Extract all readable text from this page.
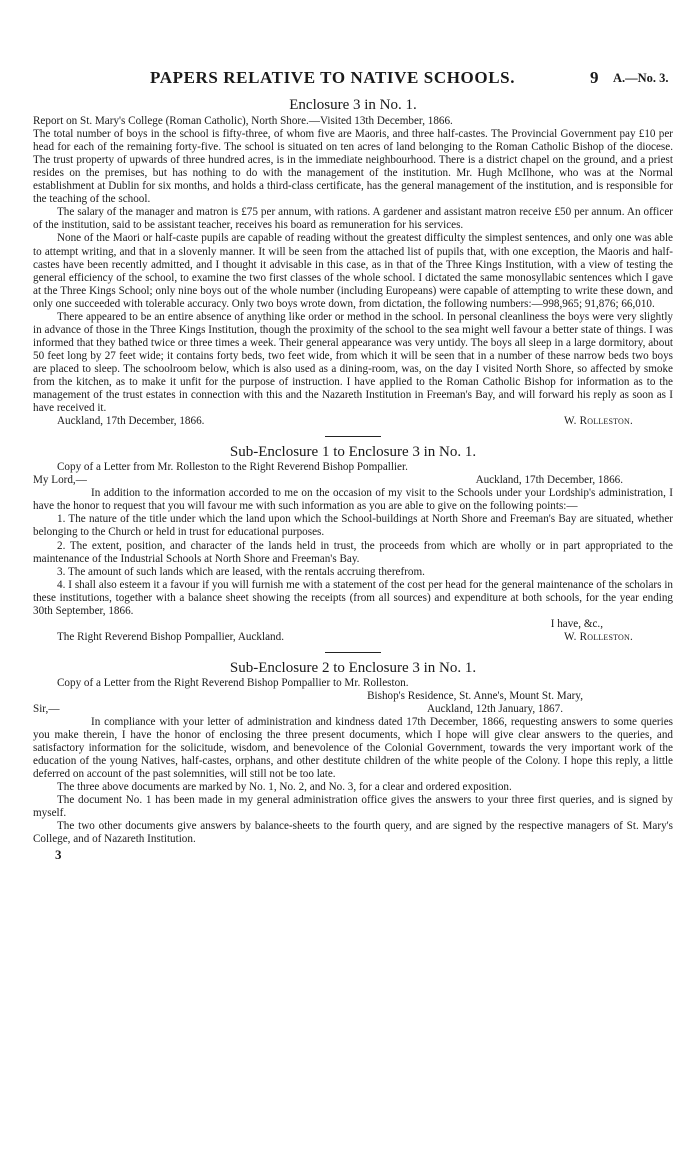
PAPERS RELATIVE TO NATIVE SCHOOLS.	9 A.—No. 3.
Enclosure 3 in No. 1.

Report on St. Mary's College (Roman Catholic), North Shore.—Visited 13th December, 1866.

The total number of boys in the school is fifty-three, of whom five are Maoris, and three half-castes. The Provincial Government pay £10 per head for each of the remaining forty-five. The school is situated on ten acres of land belonging to the Roman Catholic Bishop of the diocese. The trust property of upwards of three hundred acres, is in the immediate neighbourhood. There is a district chapel on the ground, and a priest resides on the premises, but has nothing to do with the management of the institution. Mr. Hugh McIlhone, who was at the Normal establishment at Dublin for six months, and holds a third-class certificate, has the general management of the institution, and is responsible for the teaching of the school.

The salary of the manager and matron is £75 per annum, with rations. A gardener and assistant matron receive £50 per annum. An officer of the institution, said to be assistant teacher, receives his board as remuneration for his services.

None of the Maori or half-caste pupils are capable of reading without the greatest difficulty the simplest sentences, and only one was able to attempt writing, and that in a slovenly manner. It will be seen from the attached list of pupils that, with one exception, the Maoris and half-castes have been recently admitted, and I thought it advisable in this case, as in that of the Three Kings Institution, with a view of testing the general efficiency of the school, to examine the two first classes of the whole school. I dictated the same monosyllabic sentences which I gave at the Three Kings School; only nine boys out of the whole number (including Europeans) were capable of attempting to write these down, and only one succeeded with tolerable accuracy. Only two boys wrote down, from dictation, the following numbers:—998,965; 91,876; 66,010.

There appeared to be an entire absence of anything like order or method in the school. In personal cleanliness the boys were very slightly in advance of those in the Three Kings Institution, though the proximity of the school to the sea might well favour a better state of things. I was informed that they bathed twice or three times a week. Their general appearance was very untidy. The boys all sleep in a large dormitory, about 50 feet long by 27 feet wide; it contains forty beds, two feet wide, from which it will be seen that in a number of these narrow beds two boys are placed to sleep. The schoolroom below, which is also used as a dining-room, was, on the day I visited North Shore, so affected by smoke from the kitchen, as to make it unfit for the purpose of instruction. I have applied to the Roman Catholic Bishop for information as to the management of the trust estates in connection with this and the Nazareth Institution in Freeman's Bay, and will forward his reply as soon as I have received it.

Auckland, 17th December, 1866.	W. Rolleston.
Sub-Enclosure 1 to Enclosure 3 in No. 1.

Copy of a Letter from Mr. Rolleston to the Right Reverend Bishop Pompallier.

My Lord,—	Auckland, 17th December, 1866.

In addition to the information accorded to me on the occasion of my visit to the Schools under your Lordship's administration, I have the honor to request that you will favour me with such information as you are able to give on the following points:—

1. The nature of the title under which the land upon which the School-buildings at North Shore and Freeman's Bay are situated, whether belonging to the Church or held in trust for educational purposes.

2. The extent, position, and character of the lands held in trust, the proceeds from which are wholly or in part appropriated to the maintenance of the Industrial Schools at North Shore and Freeman's Bay.

3. The amount of such lands which are leased, with the rentals accruing therefrom.

4. I shall also esteem it a favour if you will furnish me with a statement of the cost per head for the general maintenance of the scholars in these institutions, together with a balance sheet showing the receipts (from all sources) and expenditure at both schools, for the year ending 30th September, 1866.

I have, &c.,
The Right Reverend Bishop Pompallier, Auckland.	W. Rolleston.
Sub-Enclosure 2 to Enclosure 3 in No. 1.

Copy of a Letter from the Right Reverend Bishop Pompallier to Mr. Rolleston.

Bishop's Residence, St. Anne's, Mount St. Mary,
Sir,—	Auckland, 12th January, 1867.

In compliance with your letter of administration and kindness dated 17th December, 1866, requesting answers to some queries you make therein, I have the honor of enclosing the three present documents, which I hope will give clear answers to the queries, and satisfactory information for the solicitude, wisdom, and benevolence of the Colonial Government, towards the very important work of the education of the young Natives, half-castes, orphans, and other destitute children of the white people of the Colony. I hope this reply, a little deferred on account of the past solemnities, will still not be too late.

The three above documents are marked by No. 1, No. 2, and No. 3, for a clear and ordered exposition.

The document No. 1 has been made in my general administration office gives the answers to your three first queries, and is signed by myself.

The two other documents give answers by balance-sheets to the fourth query, and are signed by the respective managers of St. Mary's College, and of Nazareth Institution.

3
